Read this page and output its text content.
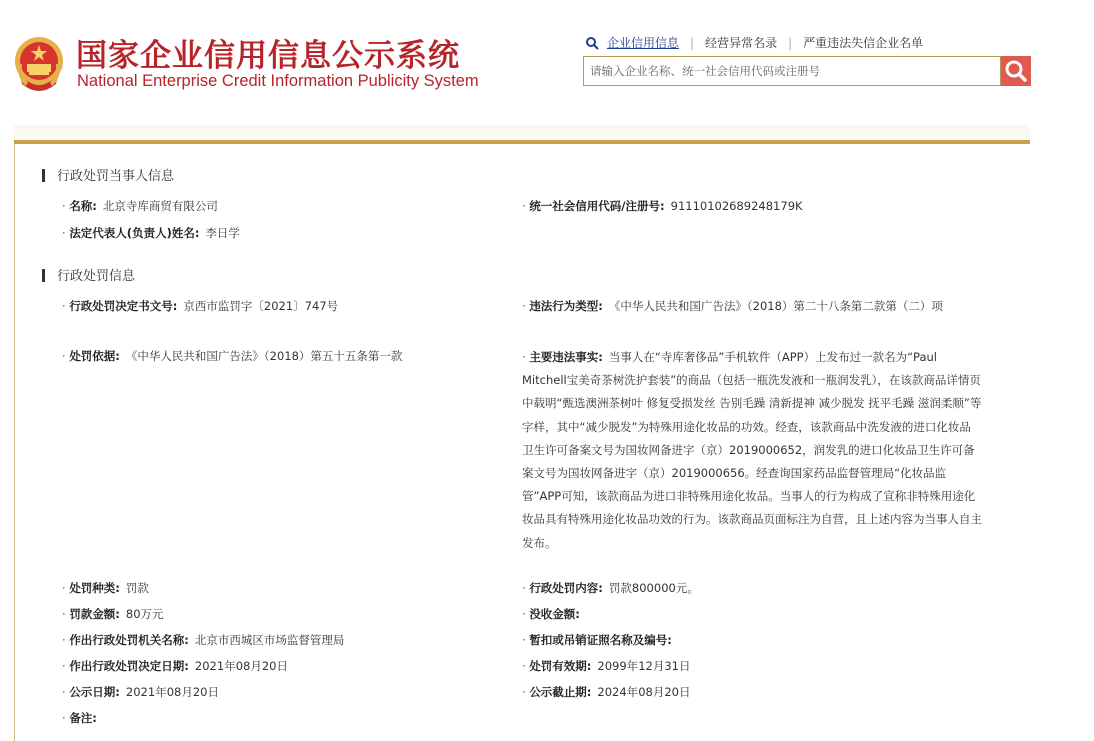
国家企业信用信息公示系统
National Enterprise Credit Information Publicity System
企业信用信息 | 经营异常名录 | 严重违法失信企业名单
请输入企业名称、统一社会信用代码或注册号
行政处罚当事人信息
· 名称: 北京寺库商贸有限公司	· 统一社会信用代码/注册号: 91110102689248179K
· 法定代表人(负责人)姓名: 李日学
行政处罚信息
· 行政处罚决定书文号: 京西市监罚字〔2021〕747号	· 违法行为类型: 《中华人民共和国广告法》（2018）第二十八条第二款第（二）项
· 处罚依据: 《中华人民共和国广告法》（2018）第五十五条第一款	· 主要违法事实: 当事人在“寺库奢侈品”手机软件（APP）上发布过一款名为“Paul Mitchell宝美奇茶树洗护套装”的商品（包括一瓶洗发液和一瓶润发乳），在该款商品详情页中载明“甄选澳洲茶树叶 修复受损发丝 告别毛躁 清新提神 减少脱发 抚平毛躁 滋润柔顺”等字样，其中“减少脱发”为特殊用途化妆品的功效。经查，该款商品中洗发液的进口化妆品卫生许可备案文号为国妆网备进字（京）2019000652，润发乳的进口化妆品卫生许可备案文号为国妆网备进字（京）2019000656。经查询国家药品监督管理局“化妆品监管”APP可知，该款商品为进口非特殊用途化妆品。当事人的行为构成了宣称非特殊用途化妆品具有特殊用途化妆品功效的行为。该款商品页面标注为自营，且上述内容为当事人自主发布。
· 处罚种类: 罚款	· 行政处罚内容: 罚款800000元。
· 罚款金额: 80万元	· 没收金额:
· 作出行政处罚机关名称: 北京市西城区市场监督管理局	· 暂扣或吊销证照名称及编号:
· 作出行政处罚决定日期: 2021年08月20日	· 处罚有效期: 2099年12月31日
· 公示日期: 2021年08月20日	· 公示截止期: 2024年08月20日
· 备注:
